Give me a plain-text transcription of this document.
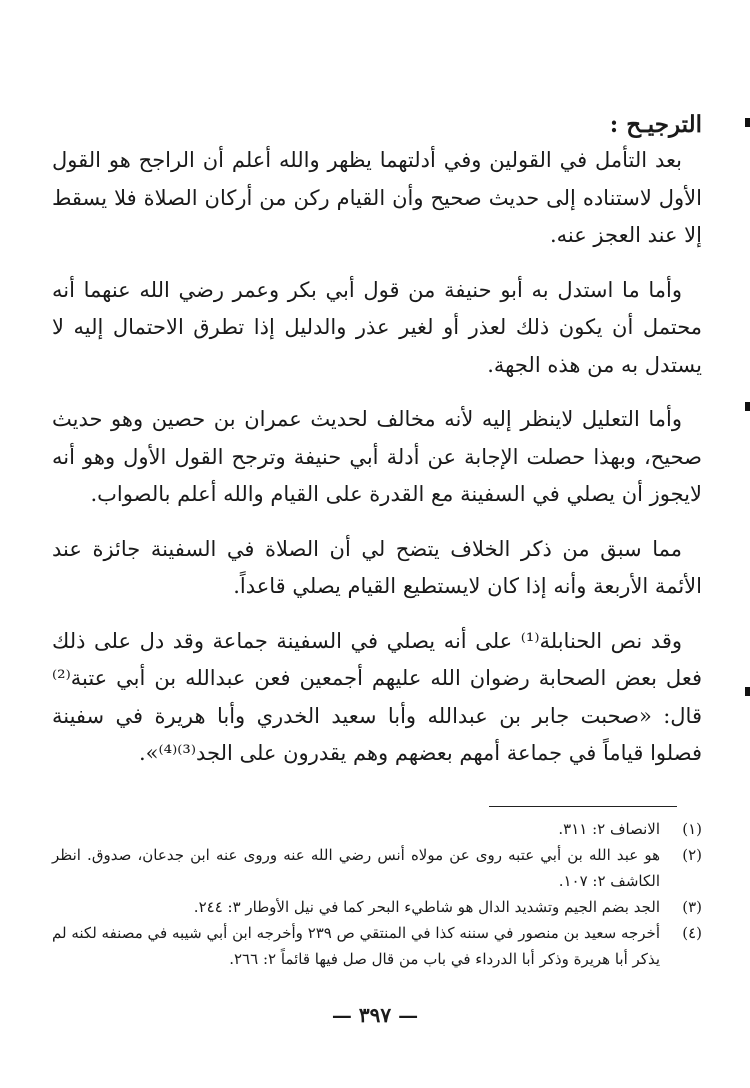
الترجيـح :

بعد التأمل في القولين وفي أدلتهما يظهر والله أعلم أن الراجح هو القول الأول لاستناده إلى حديث صحيح وأن القيام ركن من أركان الصلاة فلا يسقط إلا عند العجز عنه.

وأما ما استدل به أبو حنيفة من قول أبي بكر وعمر رضي الله عنهما أنه محتمل أن يكون ذلك لعذر أو لغير عذر والدليل إذا تطرق الاحتمال إليه لا يستدل به من هذه الجهة.

وأما التعليل لاينظر إليه لأنه مخالف لحديث عمران بن حصين وهو حديث صحيح، وبهذا حصلت الإجابة عن أدلة أبي حنيفة وترجح القول الأول وهو أنه لايجوز أن يصلي في السفينة مع القدرة على القيام والله أعلم بالصواب.

مما سبق من ذكر الخلاف يتضح لي أن الصلاة في السفينة جائزة عند الأئمة الأربعة وأنه إذا كان لايستطيع القيام يصلي قاعداً.

وقد نص الحنابلة⁽¹⁾ على أنه يصلي في السفينة جماعة وقد دل على ذلك فعل بعض الصحابة رضوان الله عليهم أجمعين فعن عبدالله بن أبي عتبة⁽²⁾ قال: «صحبت جابر بن عبدالله وأبا سعيد الخدري وأبا هريرة في سفينة فصلوا قياماً في جماعة أمهم بعضهم وهم يقدرون على الجد⁽³⁾⁽⁴⁾».

(١)
الانصاف ٢: ٣١١.
(٢)
هو عبد الله بن أبي عتبه روى عن مولاه أنس رضي الله عنه وروى عنه ابن جدعان، صدوق. انظر الكاشف ٢: ١٠٧.
(٣)
الجد بضم الجيم وتشديد الدال هو شاطيء البحر كما في نيل الأوطار ٣: ٢٤٤.
(٤)
أخرجه سعيد بن منصور في سننه كذا في المنتقي ص ٢٣٩ وأخرجه ابن أبي شيبه في مصنفه لكنه لم يذكر أبا هريرة وذكر أبا الدرداء في باب من قال صل فيها قائماً ٢: ٢٦٦.
— ٣٩٧ —
